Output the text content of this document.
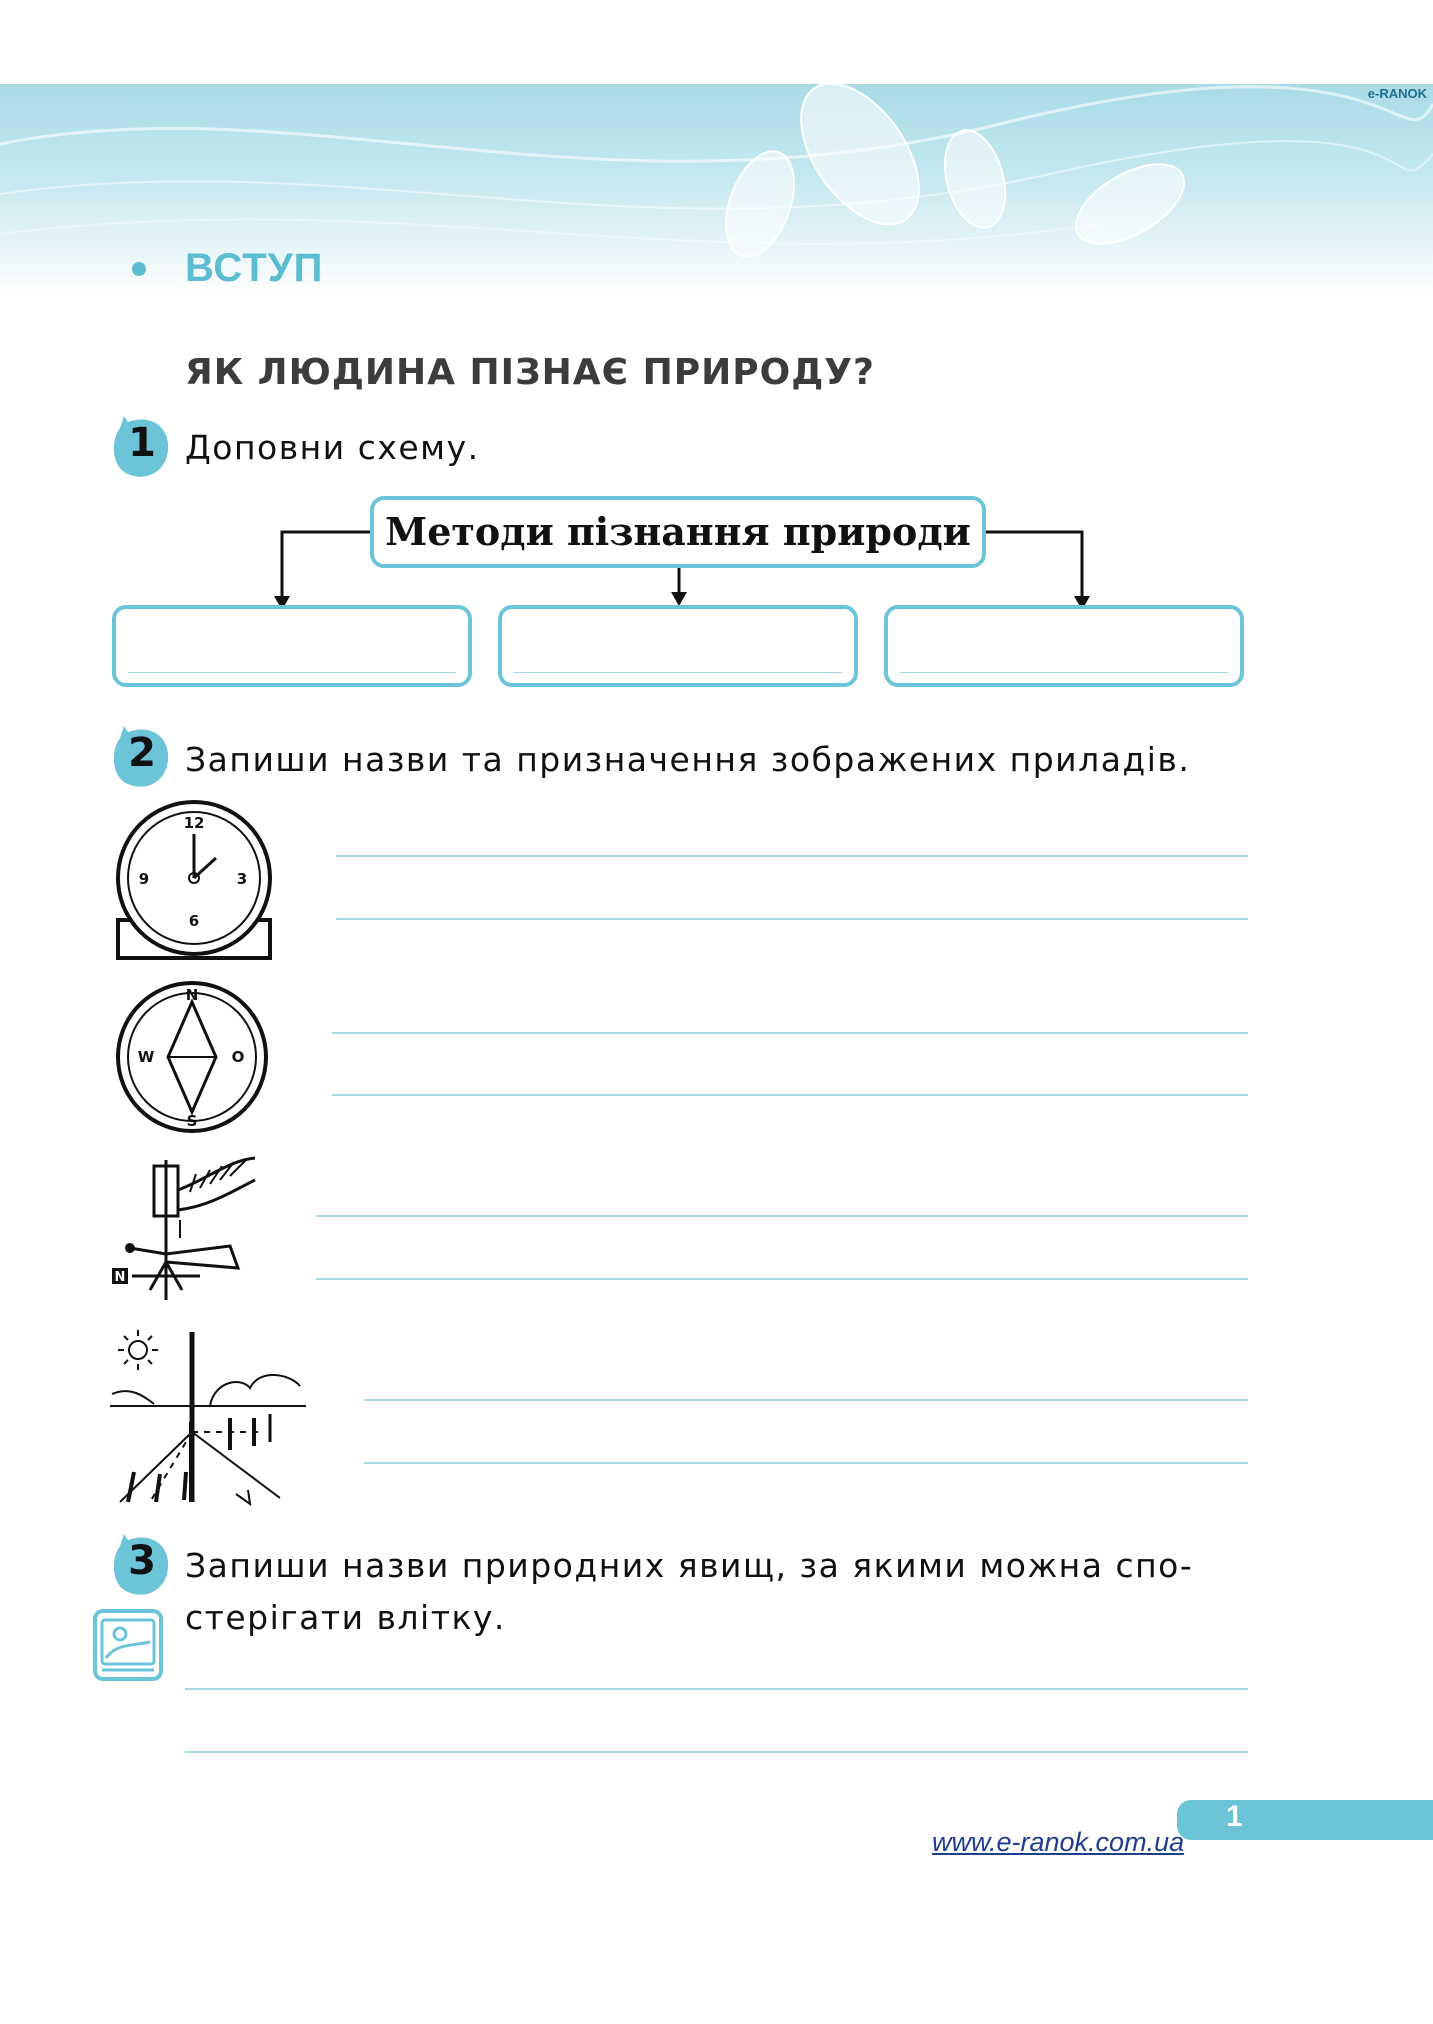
e-RANOK
ВСТУП
ЯК ЛЮДИНА ПІЗНАЄ ПРИРОДУ?
1 Доповни схему.
Методи пізнання природи
2 Запиши назви та призначення зображених приладів.
12
3
6
9
N
W	O
S
N
3 Запиши назви природних явищ, за якими можна спо-
стерігати влітку.
1
www.e-ranok.com.ua
